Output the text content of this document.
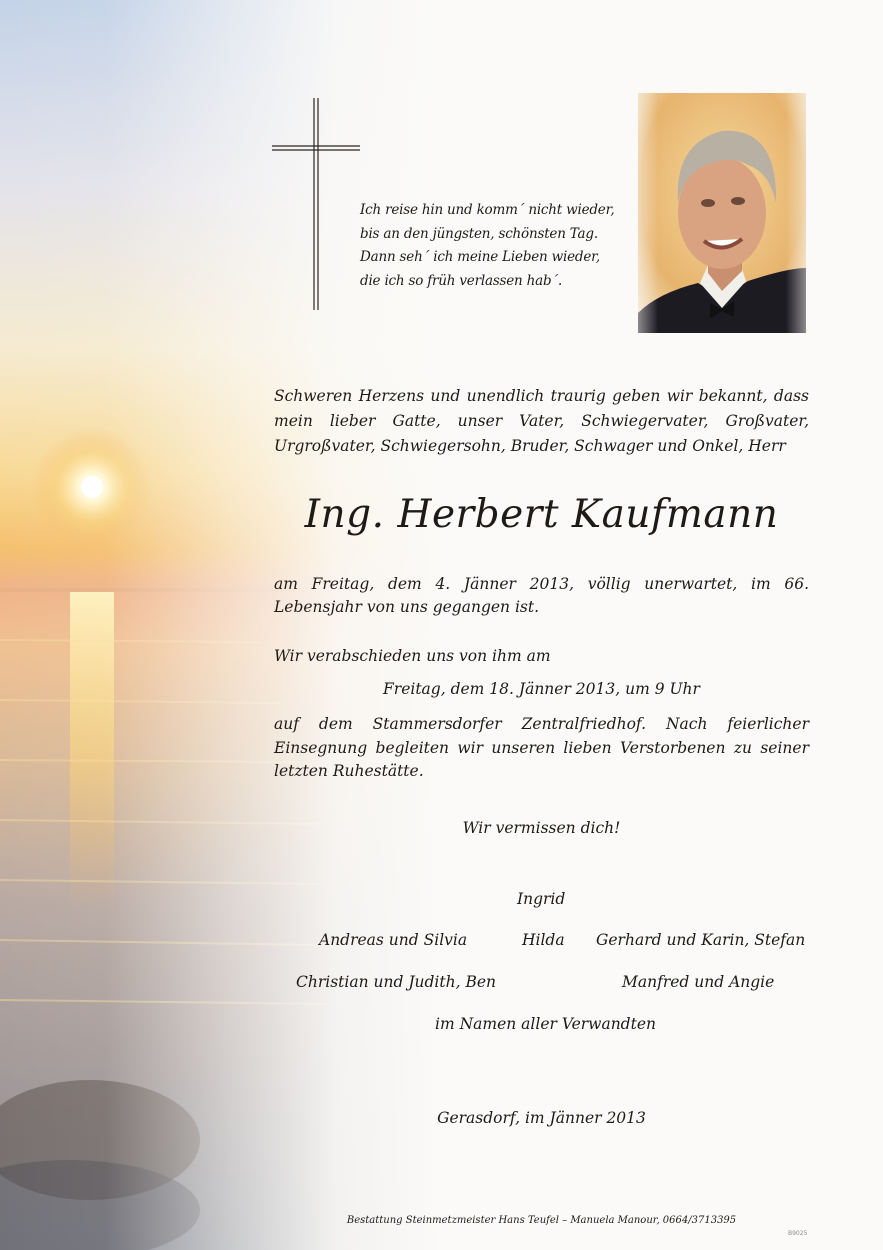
Ich reise hin und komm´ nicht wieder,
bis an den jüngsten, schönsten Tag.
Dann seh´ ich meine Lieben wieder,
die ich so früh verlassen hab´.
Schweren Herzens und unendlich traurig geben wir bekannt, dass mein lieber Gatte, unser Vater, Schwiegervater, Großvater, Urgroßvater, Schwiegersohn, Bruder, Schwager und Onkel, Herr
Ing. Herbert Kaufmann
am Freitag, dem 4. Jänner 2013, völlig unerwartet, im 66. Lebensjahr von uns gegangen ist.
Wir verabschieden uns von ihm am
Freitag, dem 18. Jänner 2013, um 9 Uhr
auf dem Stammersdorfer Zentralfriedhof. Nach feierlicher Einsegnung begleiten wir unseren lieben Verstorbenen zu seiner letzten Ruhestätte.
Wir vermissen dich!
Ingrid
Andreas und Silvia	Hilda Gerhard und Karin, Stefan
Christian und Judith, Ben	Manfred und Angie
im Namen aller Verwandten
Gerasdorf, im Jänner 2013
Bestattung Steinmetzmeister Hans Teufel – Manuela Manour, 0664/3713395
B9025
